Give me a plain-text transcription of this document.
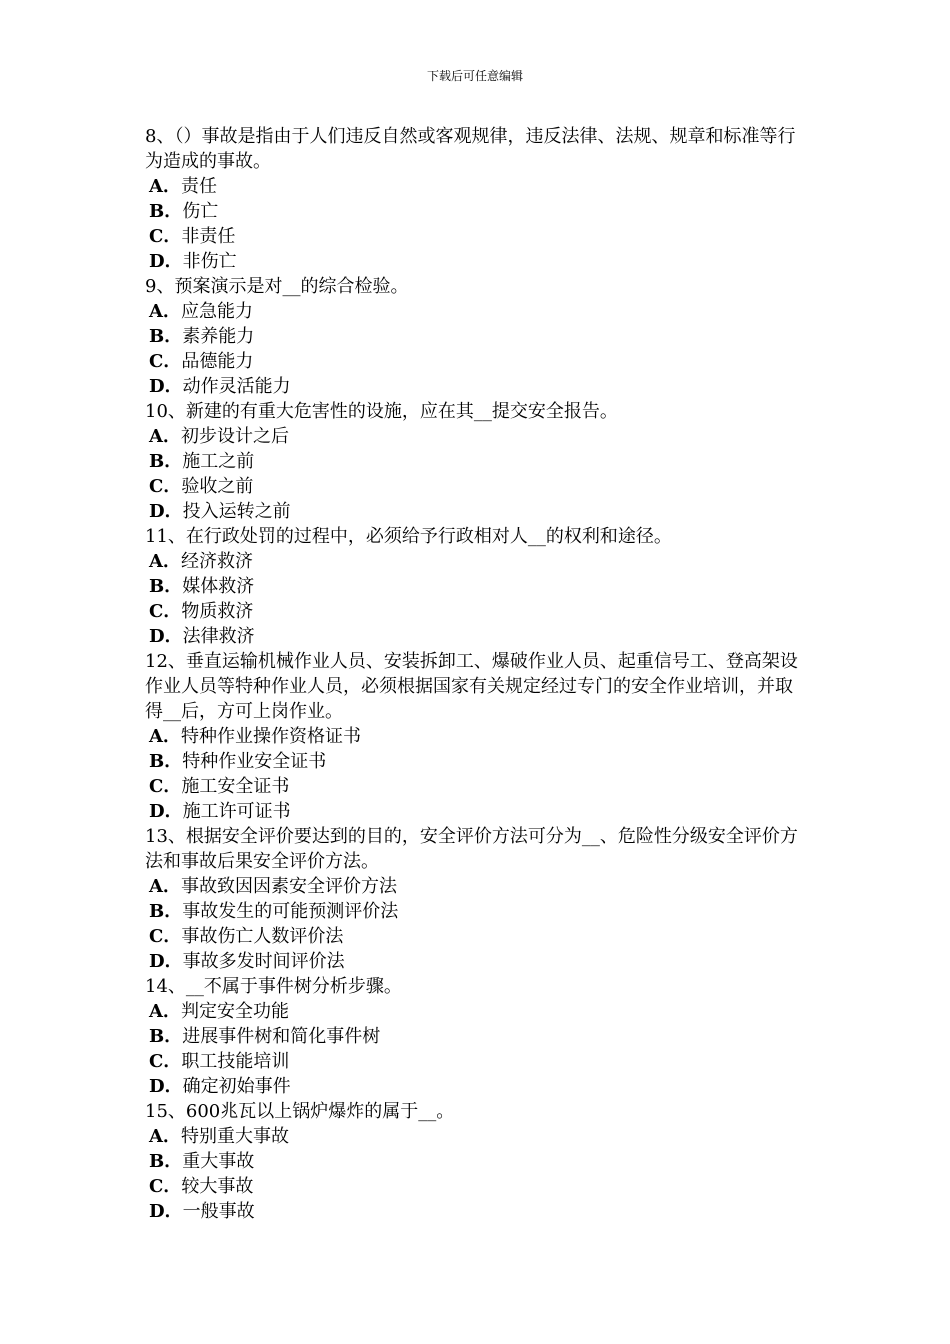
下载后可任意编辑

8、（）事故是指由于人们违反自然或客观规律，违反法律、法规、规章和标准等行为造成的事故。

A．责任

B．伤亡

C．非责任

D．非伤亡

9、预案演示是对__的综合检验。

A．应急能力

B．素养能力

C．品德能力

D．动作灵活能力

10、新建的有重大危害性的设施，应在其__提交安全报告。

A．初步设计之后

B．施工之前

C．验收之前

D．投入运转之前

11、在行政处罚的过程中，必须给予行政相对人__的权利和途径。

A．经济救济

B．媒体救济

C．物质救济

D．法律救济

12、垂直运输机械作业人员、安装拆卸工、爆破作业人员、起重信号工、登高架设作业人员等特种作业人员，必须根据国家有关规定经过专门的安全作业培训，并取得__后，方可上岗作业。

A．特种作业操作资格证书

B．特种作业安全证书

C．施工安全证书

D．施工许可证书

13、根据安全评价要达到的目的，安全评价方法可分为__、危险性分级安全评价方法和事故后果安全评价方法。

A．事故致因因素安全评价方法

B．事故发生的可能预测评价法

C．事故伤亡人数评价法

D．事故多发时间评价法

14、__不属于事件树分析步骤。

A．判定安全功能

B．进展事件树和简化事件树

C．职工技能培训

D．确定初始事件

15、600兆瓦以上锅炉爆炸的属于__。

A．特别重大事故

B．重大事故

C．较大事故

D．一般事故
